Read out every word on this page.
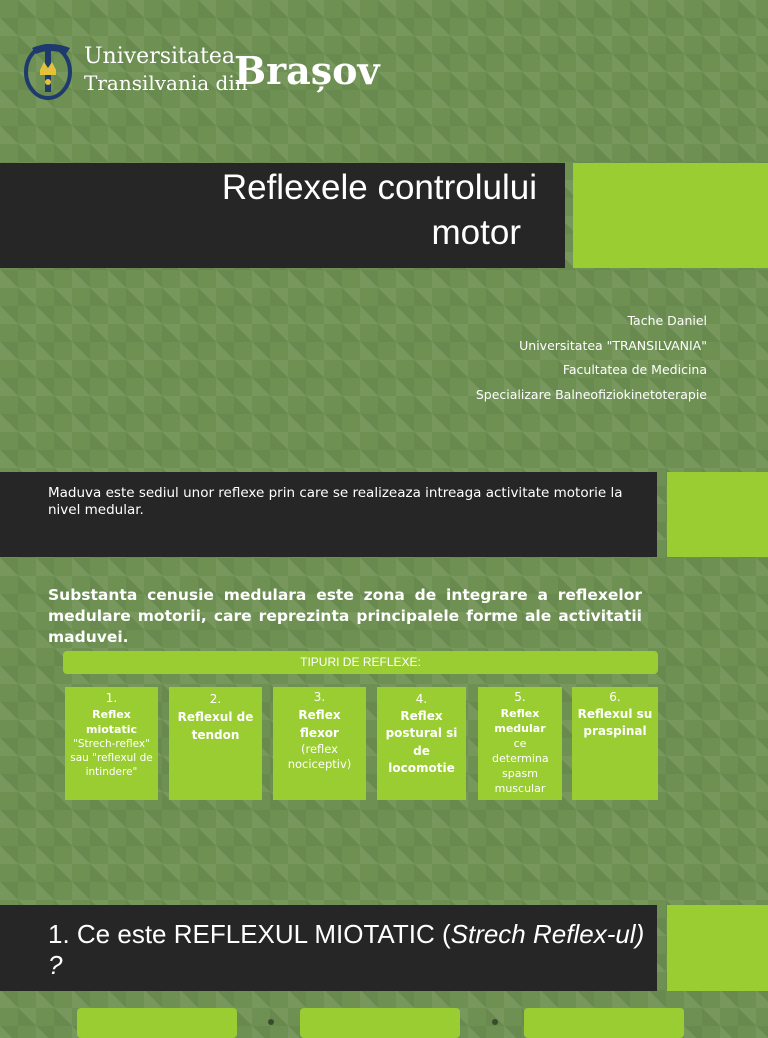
Universitatea
Transilvania din
Brașov
Reflexele controlului
motor
Tache Daniel
Universitatea "TRANSILVANIA"
Facultatea de Medicina
Specializare Balneofiziokinetoterapie
Maduva este sediul unor reflexe prin care se realizeaza intreaga activitate motorie la nivel medular.
Substanta cenusie medulara este zona de integrare a reflexelor medulare motorii, care reprezinta principalele forme ale activitatii maduvei.
TIPURI DE REFLEXE:
1.
Reflex miotatic
"Strech-reflex" sau "reflexul de intindere"
2.
Reflexul de tendon
3.
Reflex flexor
(reflex nociceptiv)
4.
Reflex postural si de locomotie
5.
Reflex medular
ce determina spasm muscular
6.
Reflexul supraspinal
1. Ce este REFLEXUL MIOTATIC (Strech Reflex-ul) ?
